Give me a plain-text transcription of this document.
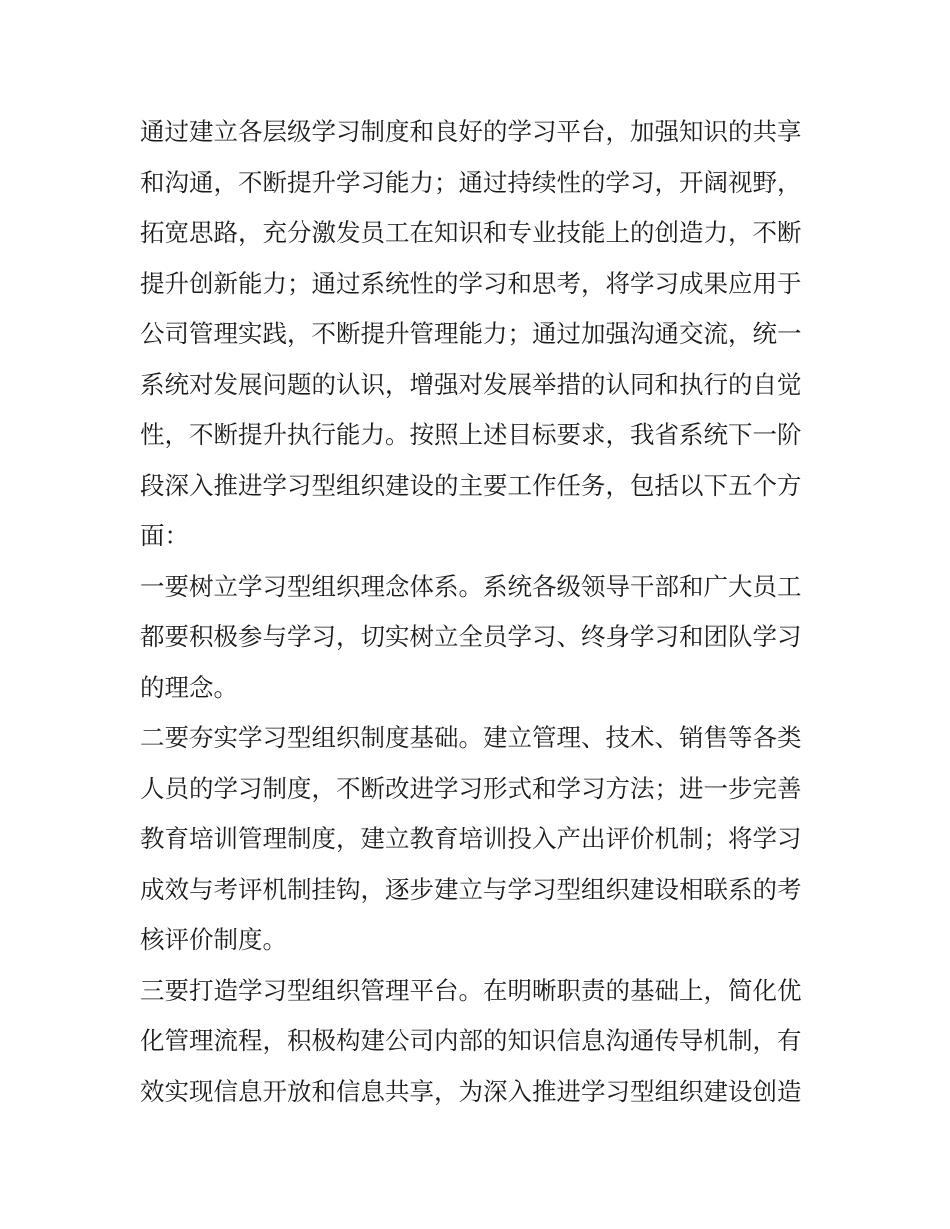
通过建立各层级学习制度和良好的学习平台，加强知识的共享
和沟通，不断提升学习能力；通过持续性的学习，开阔视野，
拓宽思路，充分激发员工在知识和专业技能上的创造力，不断
提升创新能力；通过系统性的学习和思考，将学习成果应用于
公司管理实践，不断提升管理能力；通过加强沟通交流，统一
系统对发展问题的认识，增强对发展举措的认同和执行的自觉
性，不断提升执行能力。按照上述目标要求，我省系统下一阶
段深入推进学习型组织建设的主要工作任务，包括以下五个方
面：
一要树立学习型组织理念体系。系统各级领导干部和广大员工
都要积极参与学习，切实树立全员学习、终身学习和团队学习
的理念。
二要夯实学习型组织制度基础。建立管理、技术、销售等各类
人员的学习制度，不断改进学习形式和学习方法；进一步完善
教育培训管理制度，建立教育培训投入产出评价机制；将学习
成效与考评机制挂钩，逐步建立与学习型组织建设相联系的考
核评价制度。
三要打造学习型组织管理平台。在明晰职责的基础上，简化优
化管理流程，积极构建公司内部的知识信息沟通传导机制，有
效实现信息开放和信息共享，为深入推进学习型组织建设创造
